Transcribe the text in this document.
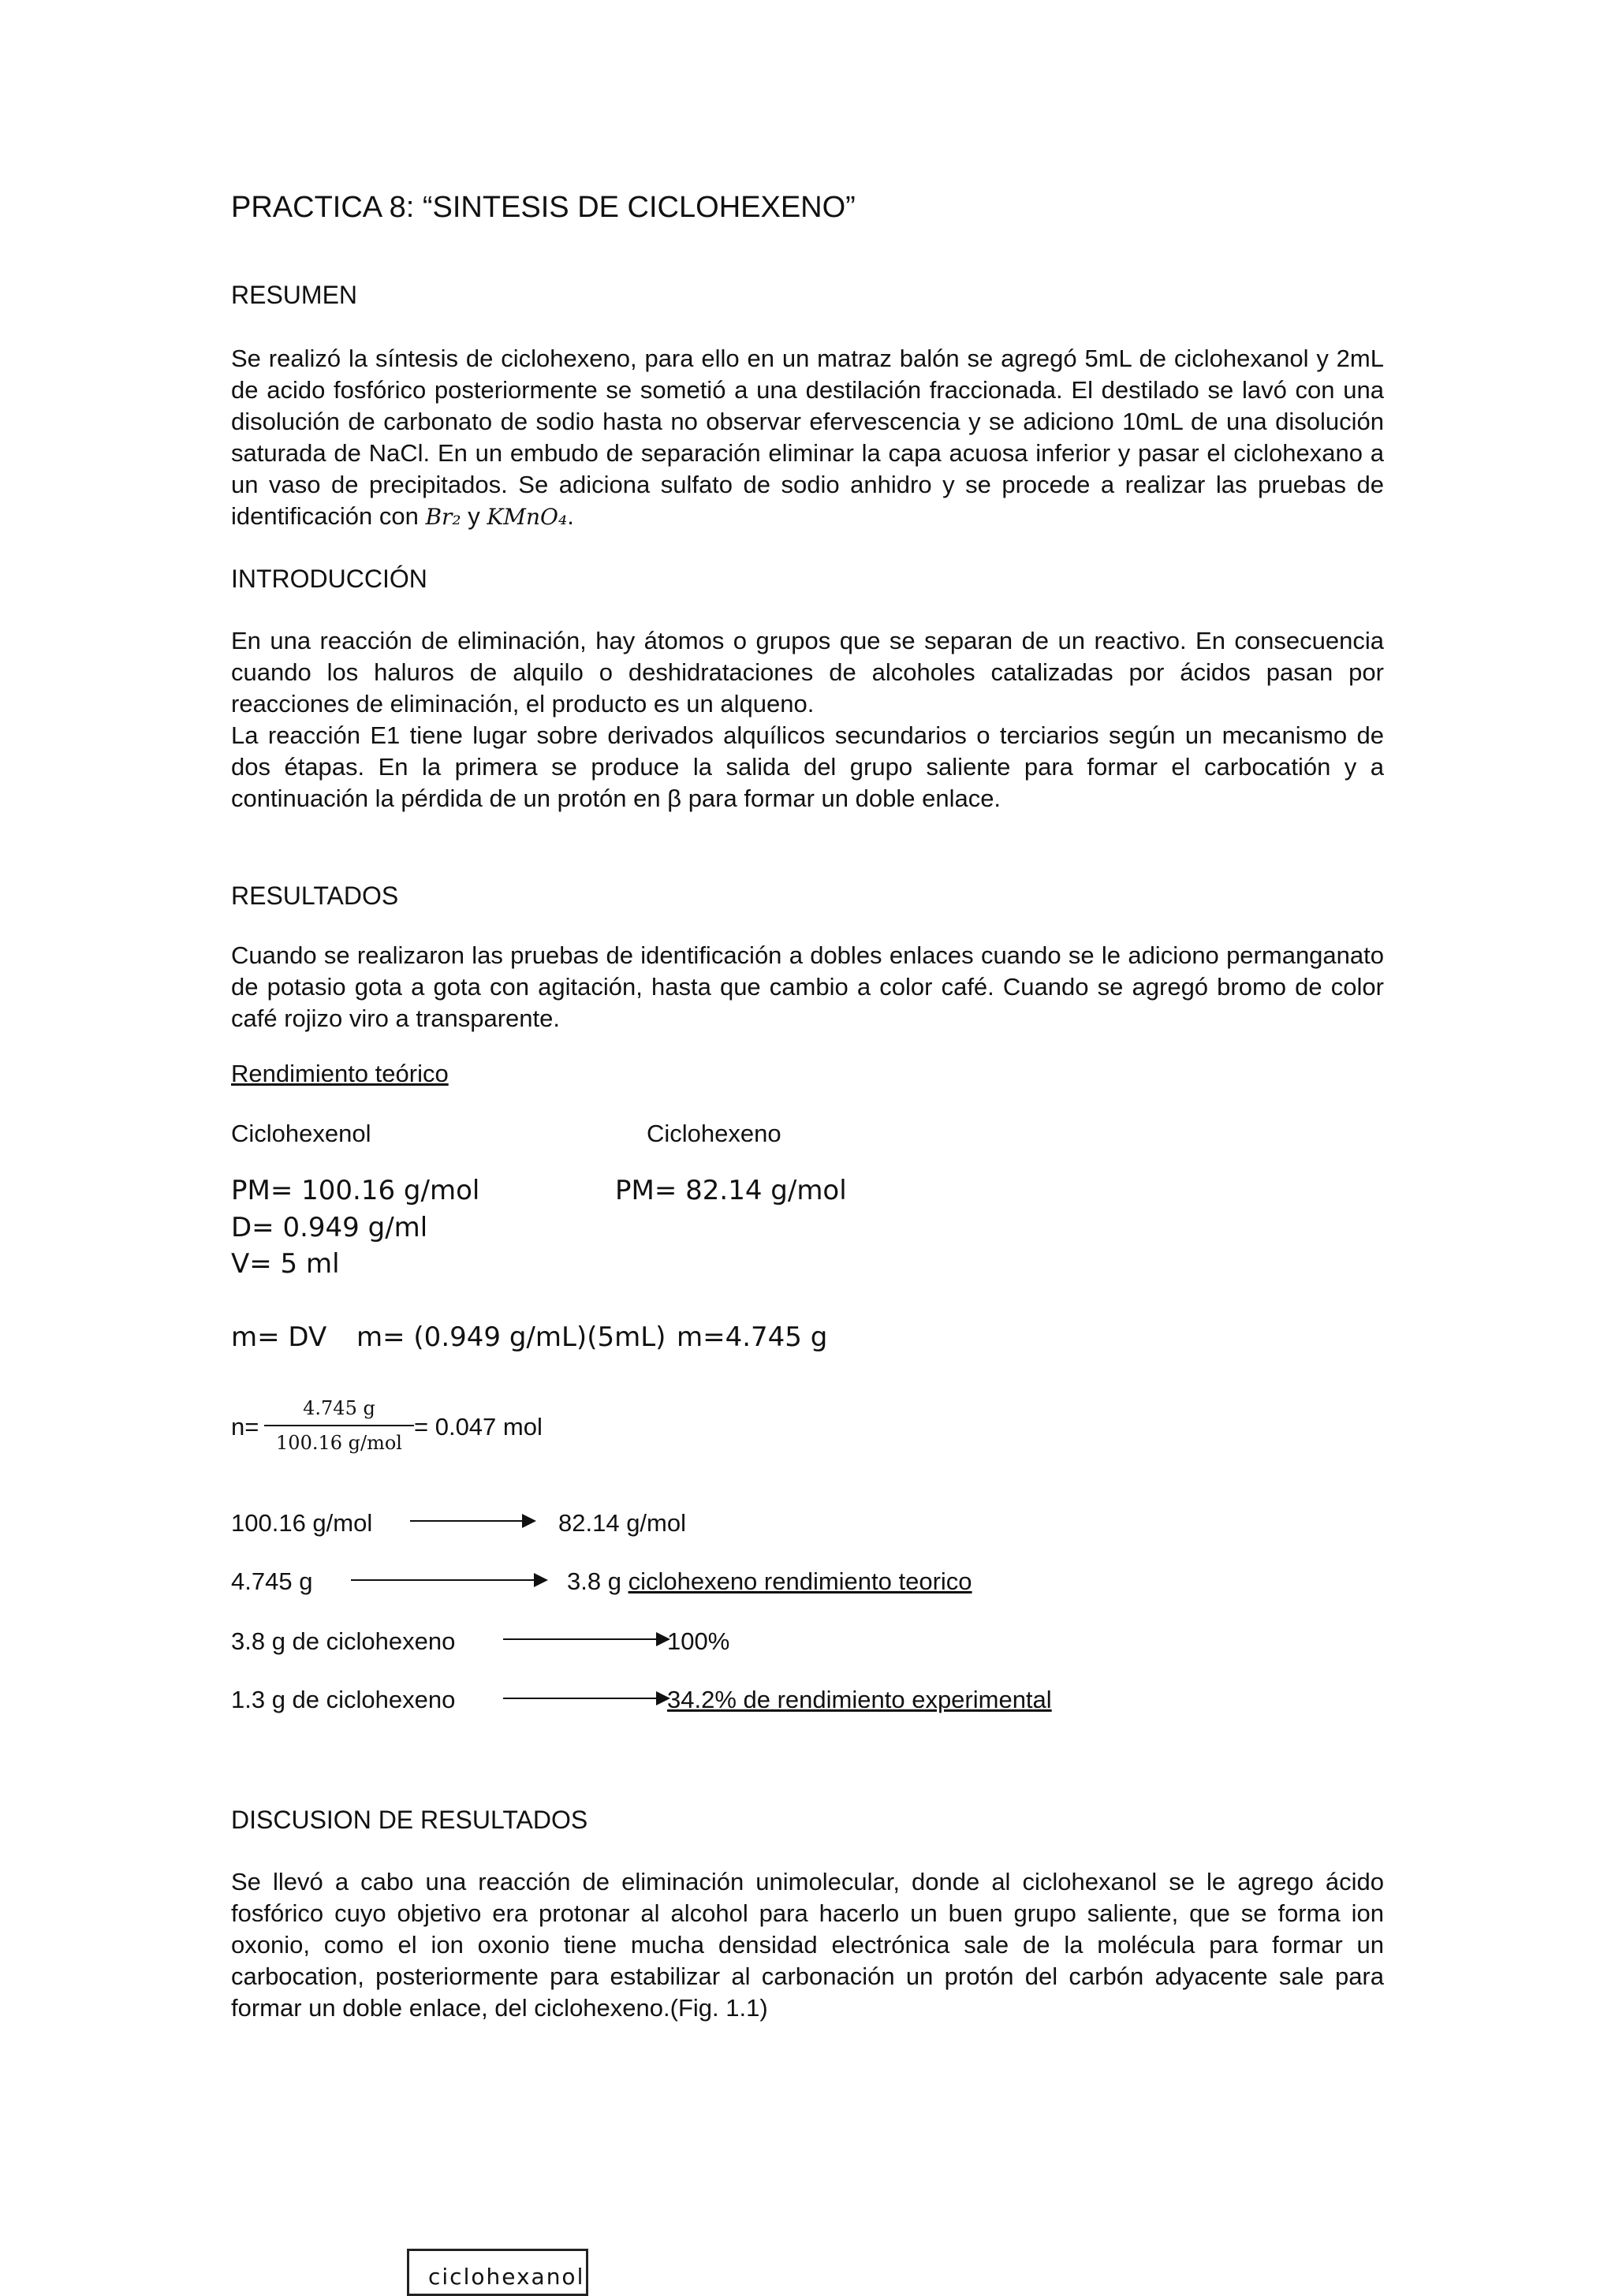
PRACTICA 8: “SINTESIS DE CICLOHEXENO”
RESUMEN

Se realizó la síntesis de ciclohexeno, para ello en un matraz balón se agregó 5mL de ciclohexanol y 2mL de acido fosfórico posteriormente se sometió a una destilación fraccionada. El destilado se lavó con una disolución de carbonato de sodio hasta no observar efervescencia y se adiciono 10mL de una disolución saturada de NaCl. En un embudo de separación eliminar la capa acuosa inferior y pasar el ciclohexano a un vaso de precipitados. Se adiciona sulfato de sodio anhidro y se procede a realizar las pruebas de identificación con Br₂ y KMnO₄.

INTRODUCCIÓN

En una reacción de eliminación, hay átomos o grupos que se separan de un reactivo. En consecuencia cuando los haluros de alquilo o deshidrataciones de alcoholes catalizadas por ácidos pasan por reacciones de eliminación, el producto es un alqueno.

La reacción E1 tiene lugar sobre derivados alquílicos secundarios o terciarios según un mecanismo de dos étapas. En la primera se produce la salida del grupo saliente para formar el carbocatión y a continuación la pérdida de un protón en β para formar un doble enlace.

RESULTADOS

Cuando se realizaron las pruebas de identificación a dobles enlaces cuando se le adiciono permanganato de potasio gota a gota con agitación, hasta que cambio a color café. Cuando se agregó bromo de color café rojizo viro a transparente.

Rendimiento teórico
Ciclohexenol	Ciclohexeno
PM= 100.16 g/mol	PM= 82.14 g/mol
D= 0.949 g/ml
V= 5 ml
m= DV m= (0.949 g/mL)(5mL) m=4.745 g
n=
4.745 g
100.16 g/mol
= 0.047 mol
100.16 g/mol	82.14 g/mol
4.745 g	3.8 g ciclohexeno rendimiento teorico
3.8 g de ciclohexeno	100%
1.3 g de ciclohexeno	34.2% de rendimiento experimental
DISCUSION DE RESULTADOS

Se llevó a cabo una reacción de eliminación unimolecular, donde al ciclohexanol se le agrego ácido fosfórico cuyo objetivo era protonar al alcohol para hacerlo un buen grupo saliente, que se forma ion oxonio, como el ion oxonio tiene mucha densidad electrónica sale de la molécula para formar un carbocation, posteriormente para estabilizar al carbonación un protón del carbón adyacente sale para formar un doble enlace, del ciclohexeno.(Fig. 1.1)

ciclohexanol
